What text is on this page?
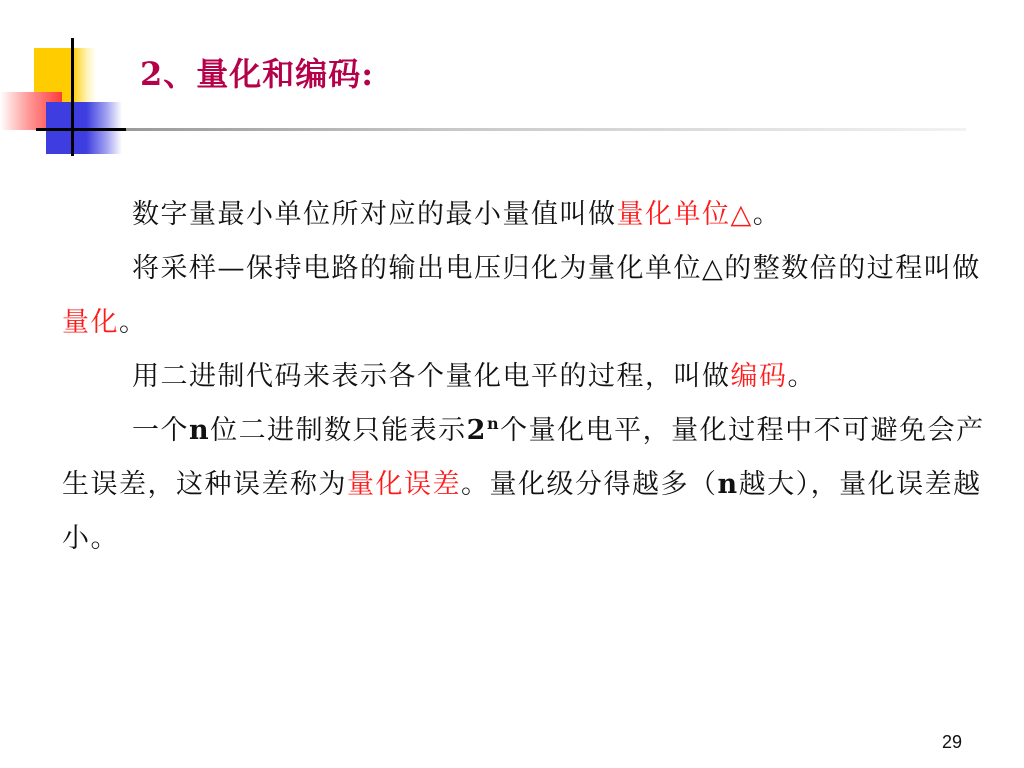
2、量化和编码:

数字量最小单位所对应的最小量值叫做量化单位△。

将采样—保持电路的输出电压归化为量化单位△的整数倍的过程叫做量化。

用二进制代码来表示各个量化电平的过程，叫做编码。

一个n位二进制数只能表示2$^n$个量化电平，量化过程中不可避免会产生误差，这种误差称为量化误差。量化级分得越多（n越大），量化误差越小。

29
